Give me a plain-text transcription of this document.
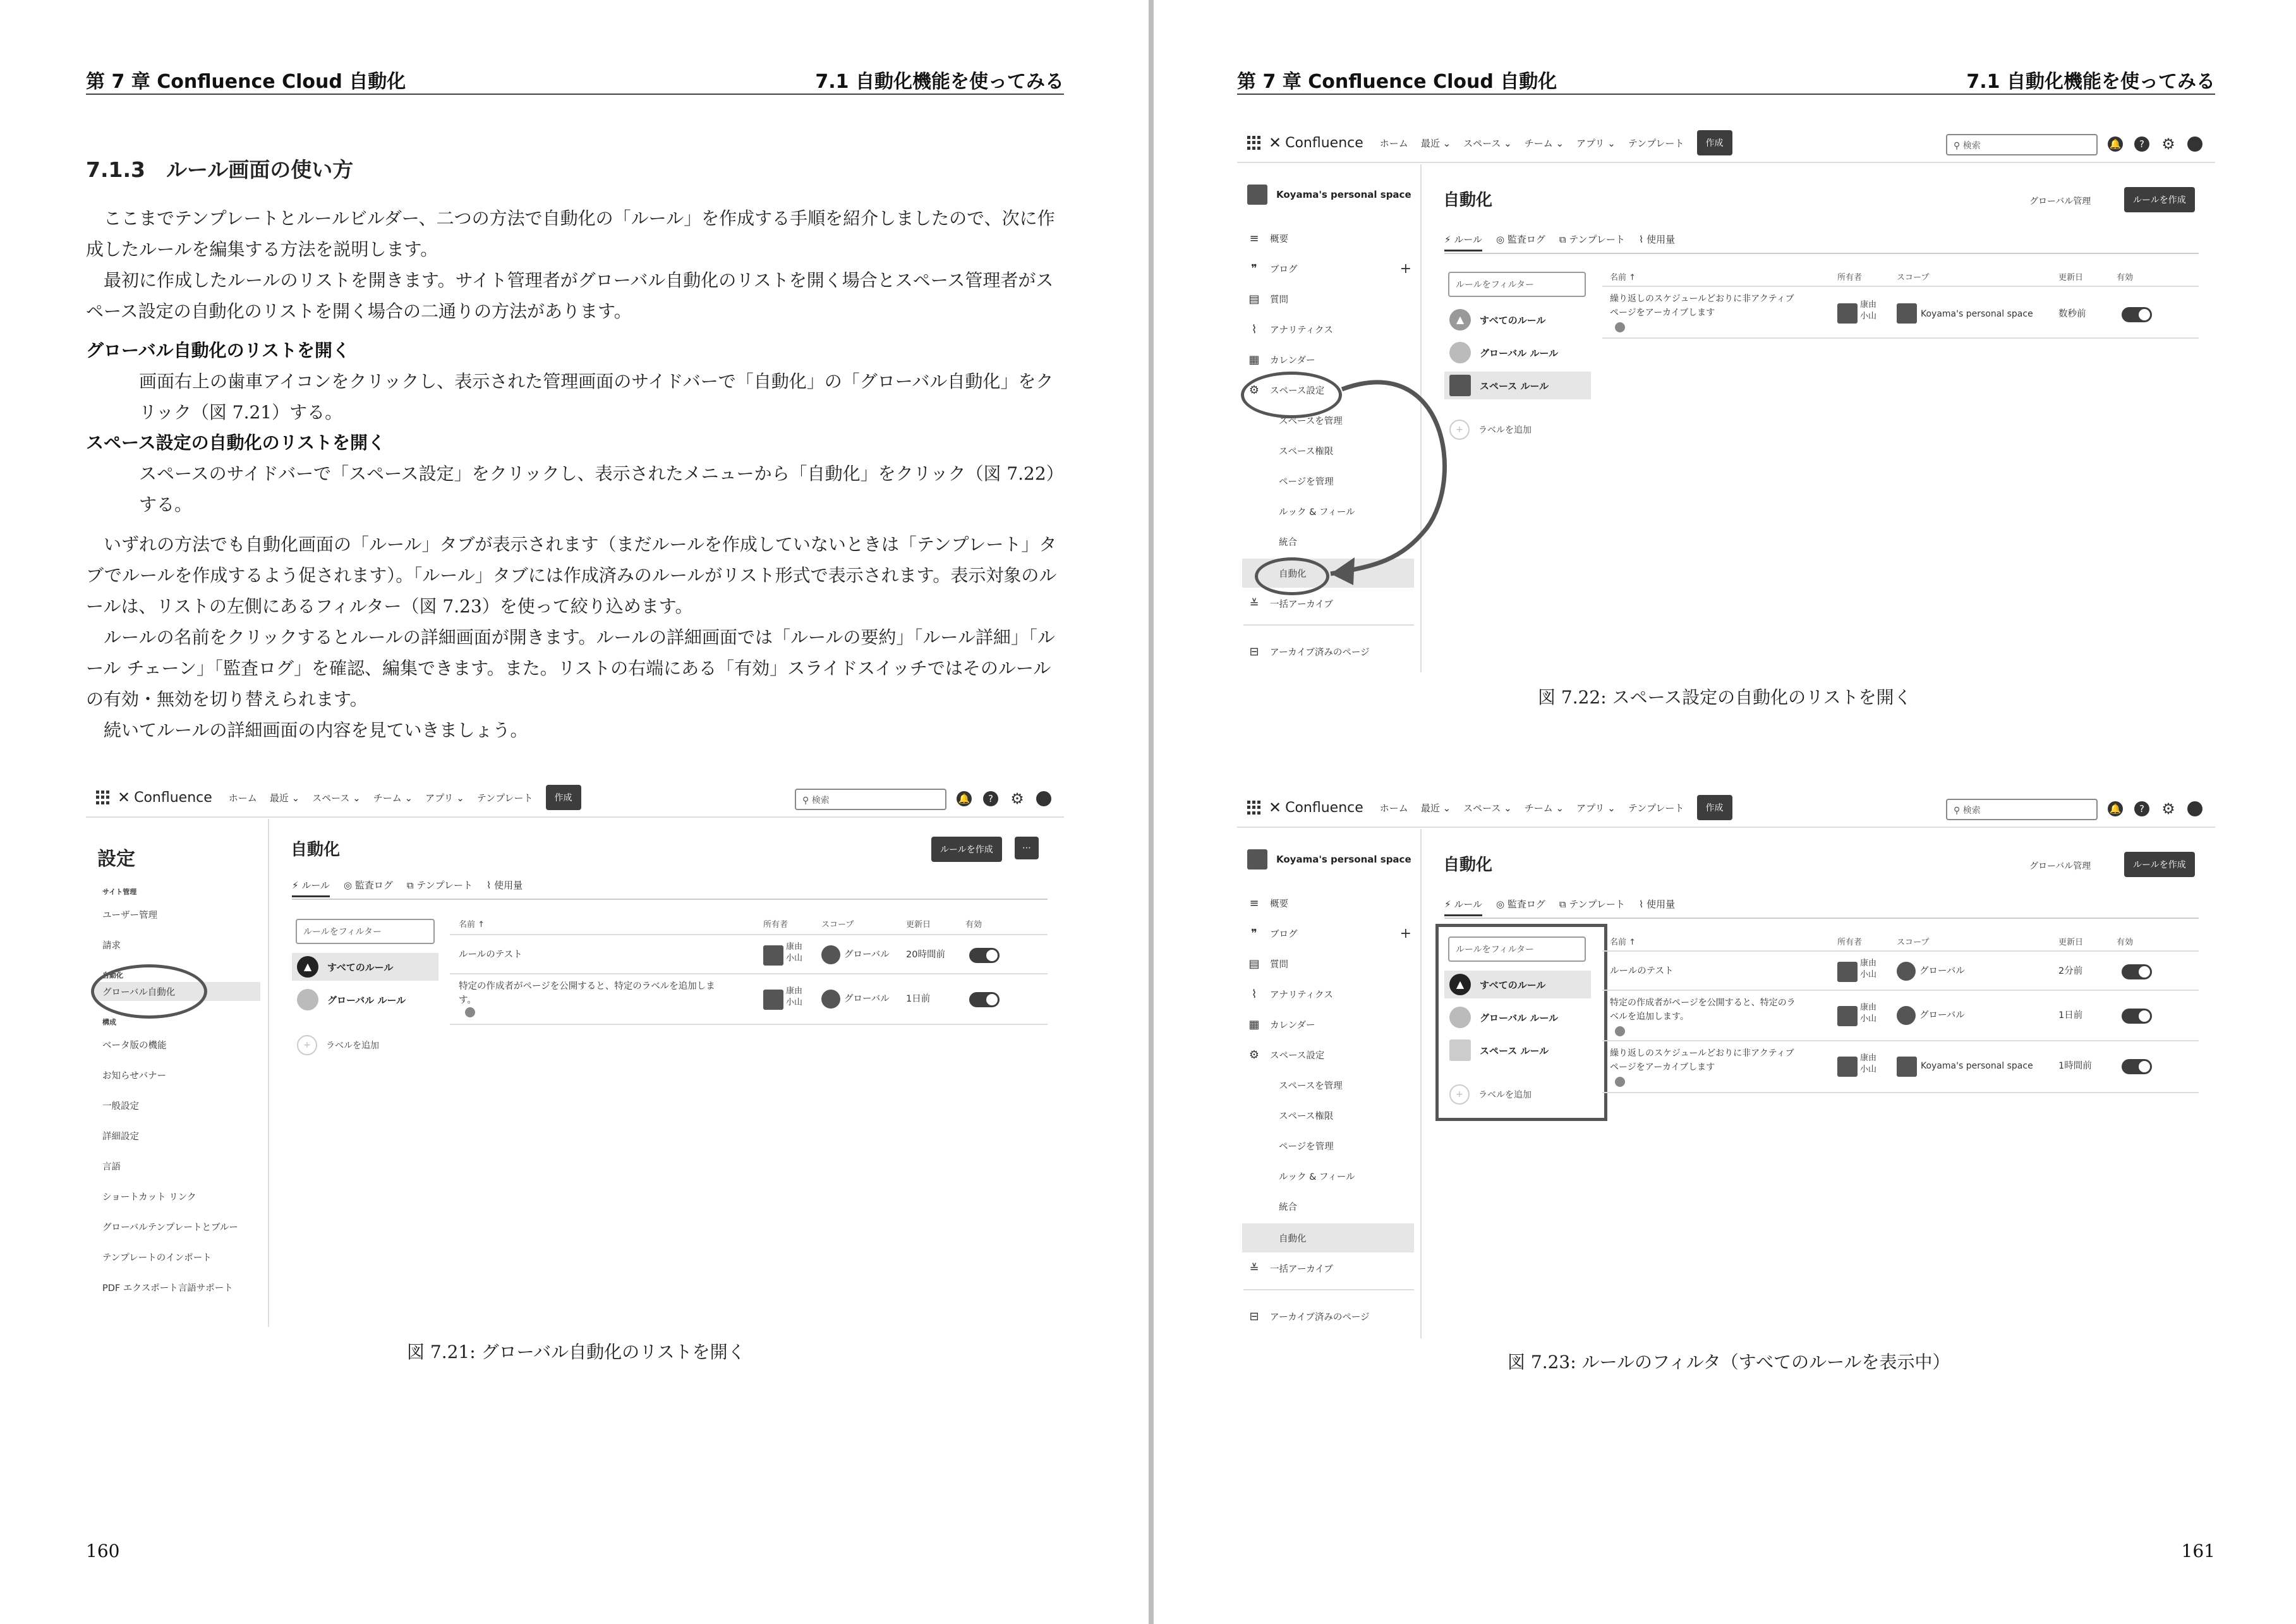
第 7 章 Confluence Cloud 自動化	7.1 自動化機能を使ってみる
7.1.3　ルール画面の使い方

ここまでテンプレートとルールビルダー、二つの方法で自動化の「ルール」を作成する手順を紹介しましたので、次に作成したルールを編集する方法を説明します。

最初に作成したルールのリストを開きます。サイト管理者がグローバル自動化のリストを開く場合とスペース管理者がスペース設定の自動化のリストを開く場合の二通りの方法があります。

グローバル自動化のリストを開く
画面右上の歯車アイコンをクリックし、表示された管理画面のサイドバーで「自動化」の「グローバル自動化」をクリック（図 7.21）する。
スペース設定の自動化のリストを開く
スペースのサイドバーで「スペース設定」をクリックし、表示されたメニューから「自動化」をクリック（図 7.22）する。

いずれの方法でも自動化画面の「ルール」タブが表示されます（まだルールを作成していないときは「テンプレート」タブでルールを作成するよう促されます）。「ルール」タブには作成済みのルールがリスト形式で表示されます。表示対象のルールは、リストの左側にあるフィルター（図 7.23）を使って絞り込めます。

ルールの名前をクリックするとルールの詳細画面が開きます。ルールの詳細画面では「ルールの要約」「ルール詳細」「ルール チェーン」「監査ログ」を確認、編集できます。また。リストの右端にある「有効」スライドスイッチではそのルールの有効・無効を切り替えられます。

続いてルールの詳細画面の内容を見ていきましょう。

✕ Confluence ホーム 最近 ⌄ スペース ⌄ チーム ⌄ アプリ ⌄ テンプレート	作成	⚲ 検索	🔔	?	⚙
設定
サイト管理
ユーザー管理
請求
自動化
グローバル自動化
構成
ベータ版の機能
お知らせバナー
一般設定
詳細設定
言語
ショートカット リンク
グローバルテンプレートとブルー
テンプレートのインポート
PDF エクスポート言語サポート
自動化	ルールを作成	⋯
⚡ ルール ◎ 監査ログ ⧉ テンプレート ⌇ 使用量
ルールをフィルター
▲	すべてのルール
グローバル ルール
+	ラベルを追加
名前 ↑	所有者	スコープ	更新日	有効
ルールのテスト
康由 小山	グローバル 20時間前
特定の作成者がページを公開すると、特定のラベルを追加します。
康由 小山	グローバル 1日前
図 7.21: グローバル自動化のリストを開く
160
第 7 章 Confluence Cloud 自動化	7.1 自動化機能を使ってみる
✕ Confluence ホーム 最近 ⌄ スペース ⌄ チーム ⌄ アプリ ⌄ テンプレート	作成	⚲ 検索	🔔	?	⚙
Koyama's personal space
≡ 概要
❞	ブログ	+
▤ 質問
⌇	アナリティクス
▦ カレンダー
⚙ スペース設定
スペースを管理
スペース権限
ページを管理
ルック & フィール
統合
自動化
≚ 一括アーカイブ
⊟ アーカイブ済みのページ
自動化	グローバル管理	ルールを作成
⚡ ルール ◎ 監査ログ ⧉ テンプレート ⌇ 使用量
ルールをフィルター
▲	すべてのルール
グローバル ルール
スペース ルール
+	ラベルを追加
名前 ↑	所有者	スコープ	更新日	有効
繰り返しのスケジュールどおりに非アクティブページをアーカイブします
康由 小山	Koyama's personal space	数秒前
図 7.22: スペース設定の自動化のリストを開く
✕ Confluence ホーム 最近 ⌄ スペース ⌄ チーム ⌄ アプリ ⌄ テンプレート	作成	⚲ 検索	🔔	?	⚙
Koyama's personal space
≡ 概要
❞	ブログ	+
▤ 質問
⌇	アナリティクス
▦ カレンダー
⚙ スペース設定
スペースを管理
スペース権限
ページを管理
ルック & フィール
統合
自動化
≚ 一括アーカイブ
⊟ アーカイブ済みのページ
自動化	グローバル管理	ルールを作成
⚡ ルール ◎ 監査ログ ⧉ テンプレート ⌇ 使用量
ルールをフィルター
▲	すべてのルール
グローバル ルール
スペース ルール
+	ラベルを追加
名前 ↑	所有者	スコープ	更新日	有効
ルールのテスト
康由 小山	グローバル	2分前
特定の作成者がページを公開すると、特定のラベルを追加します。
康由 小山	グローバル	1日前
繰り返しのスケジュールどおりに非アクティブページをアーカイブします
康由 小山	Koyama's personal space	1時間前
図 7.23: ルールのフィルタ（すべてのルールを表示中）
161
